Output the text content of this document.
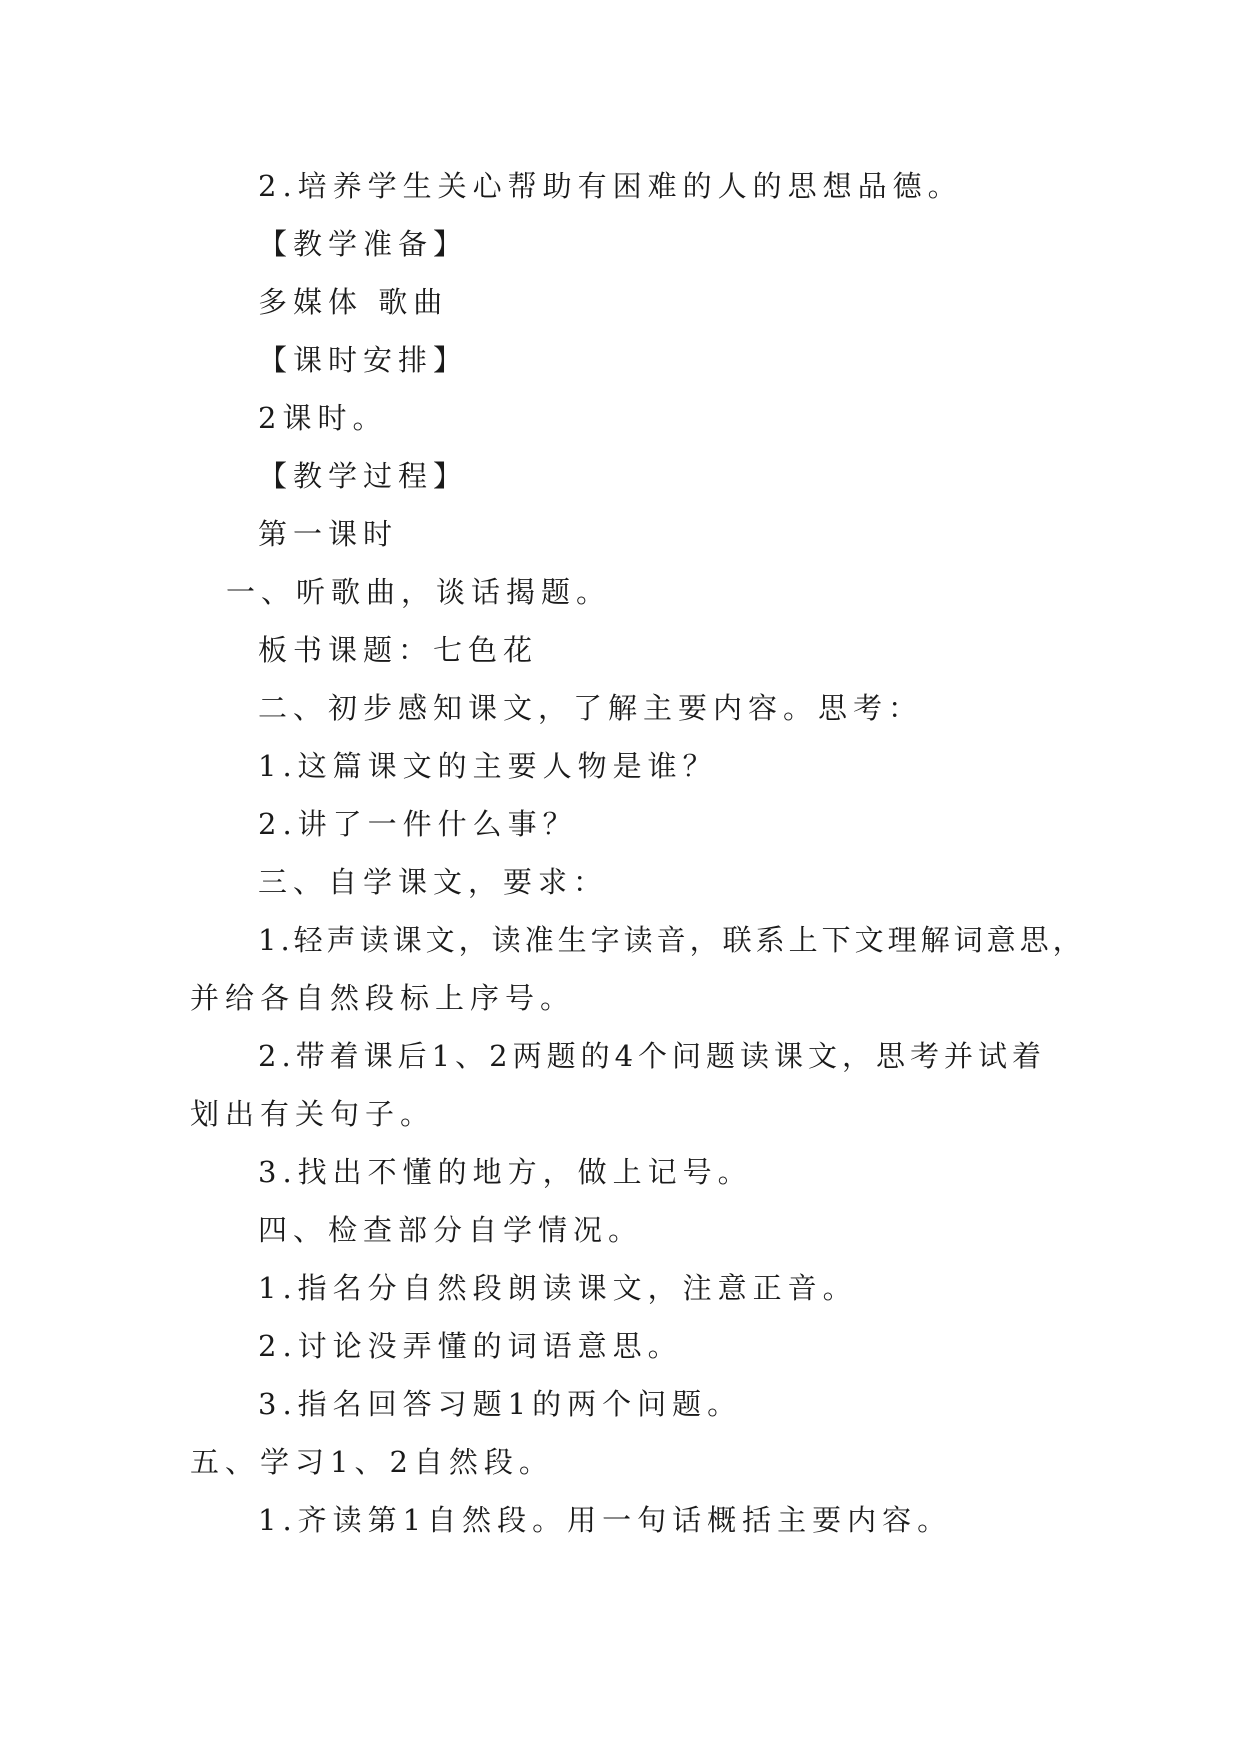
2.培养学生关心帮助有困难的人的思想品德。

【教学准备】

多媒体 歌曲

【课时安排】

2课时。

【教学过程】

第一课时

一、听歌曲，谈话揭题。

板书课题：七色花

二、初步感知课文，了解主要内容。思考：

1.这篇课文的主要人物是谁？

2.讲了一件什么事？

三、自学课文，要求：

1.轻声读课文，读准生字读音，联系上下文理解词意思，

并给各自然段标上序号。

2.带着课后1、2两题的4个问题读课文，思考并试着

划出有关句子。

3.找出不懂的地方，做上记号。

四、检查部分自学情况。

1.指名分自然段朗读课文，注意正音。

2.讨论没弄懂的词语意思。

3.指名回答习题1的两个问题。

五、学习1、2自然段。

1.齐读第1自然段。用一句话概括主要内容。
